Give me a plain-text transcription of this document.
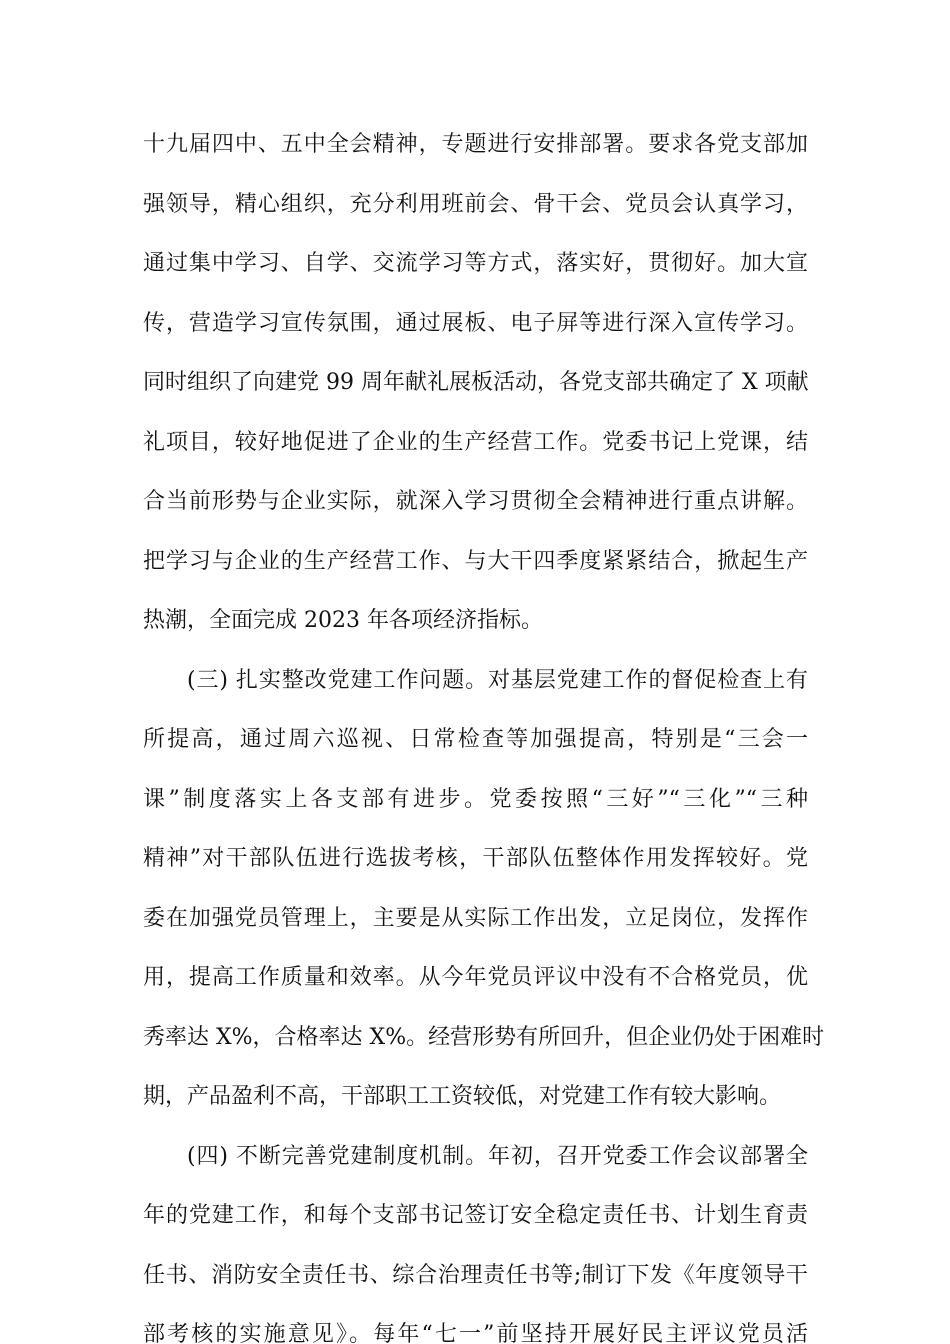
十九届四中、五中全会精神，专题进行安排部署。要求各党支部加
强领导，精心组织，充分利用班前会、骨干会、党员会认真学习，
通过集中学习、自学、交流学习等方式，落实好，贯彻好。加大宣
传，营造学习宣传氛围，通过展板、电子屏等进行深入宣传学习。
同时组织了向建党 99 周年献礼展板活动，各党支部共确定了 X 项献
礼项目，较好地促进了企业的生产经营工作。党委书记上党课，结
合当前形势与企业实际，就深入学习贯彻全会精神进行重点讲解。
把学习与企业的生产经营工作、与大干四季度紧紧结合，掀起生产
热潮，全面完成 2023 年各项经济指标。
(三) 扎实整改党建工作问题。对基层党建工作的督促检查上有
所提高，通过周六巡视、日常检查等加强提高，特别是“三会一
课”制度落实上各支部有进步。党委按照“三好”“三化”“三种
精神”对干部队伍进行选拔考核，干部队伍整体作用发挥较好。党
委在加强党员管理上，主要是从实际工作出发，立足岗位，发挥作
用，提高工作质量和效率。从今年党员评议中没有不合格党员，优
秀率达 X%，合格率达 X%。经营形势有所回升，但企业仍处于困难时
期，产品盈利不高，干部职工工资较低，对党建工作有较大影响。
(四) 不断完善党建制度机制。年初，召开党委工作会议部署全
年的党建工作，和每个支部书记签订安全稳定责任书、计划生育责
任书、消防安全责任书、综合治理责任书等;制订下发《年度领导干
部考核的实施意见》。每年“七一”前坚持开展好民主评议党员活
